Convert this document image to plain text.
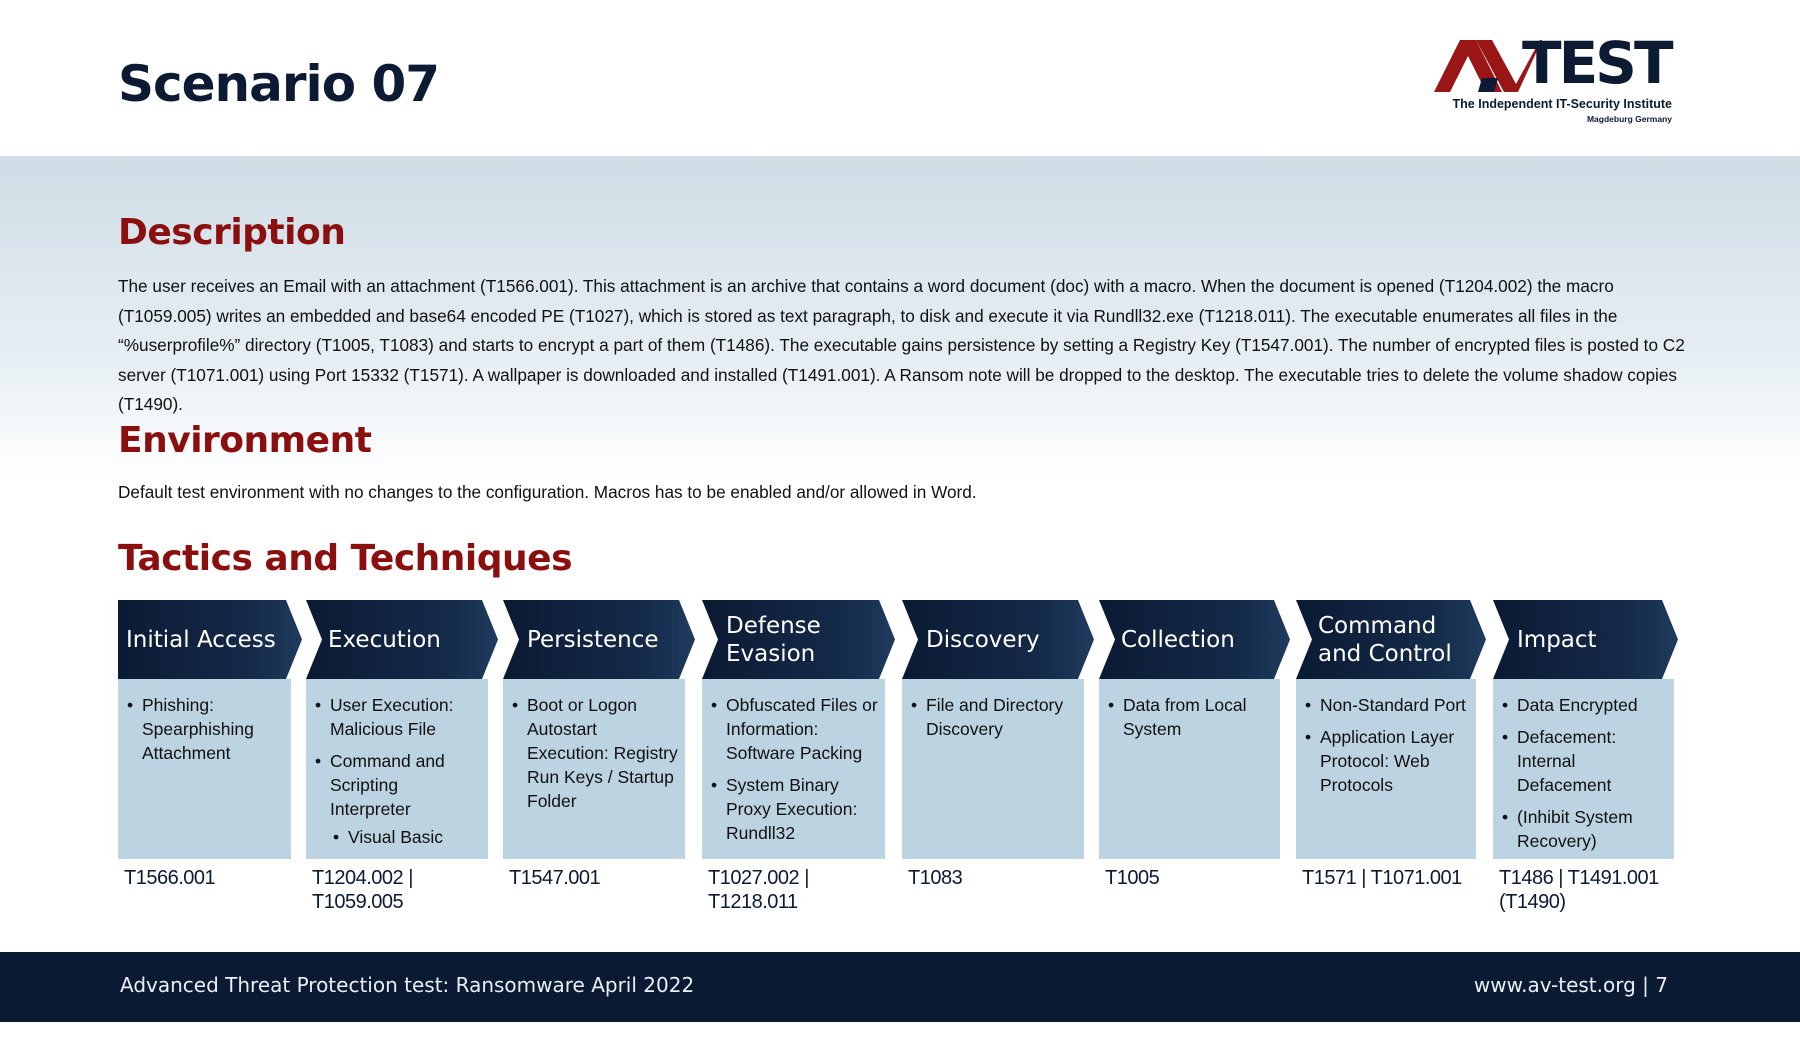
Scenario 07	TEST
The Independent IT-Security Institute
Magdeburg Germany
Description

The user receives an Email with an attachment (T1566.001). This attachment is an archive that contains a word document (doc) with a macro. When the document is opened (T1204.002) the macro (T1059.005) writes an embedded and base64 encoded PE (T1027), which is stored as text paragraph, to disk and execute it via Rundll32.exe (T1218.011). The executable enumerates all files in the “%userprofile%” directory (T1005, T1083) and starts to encrypt a part of them (T1486). The executable gains persistence by setting a Registry Key (T1547.001). The number of encrypted files is posted to C2 server (T1071.001) using Port 15332 (T1571). A wallpaper is downloaded and installed (T1491.001). A Ransom note will be dropped to the desktop. The executable tries to delete the volume shadow copies (T1490).

Environment

Default test environment with no changes to the configuration. Macros has to be enabled and/or allowed in Word.

Tactics and Techniques
Initial Access
• Phishing: Spearphishing Attachment
T1566.001
Execution
• User Execution: Malicious File
• Command and Scripting Interpreter
• Visual Basic
T1204.002 | T1059.005
Persistence
• Boot or Logon Autostart Execution: Registry Run Keys / Startup Folder
T1547.001
Defense Evasion
• Obfuscated Files or Information: Software Packing
• System Binary Proxy Execution: Rundll32
T1027.002 | T1218.011
Discovery
• File and Directory Discovery
T1083
Collection
• Data from Local System
T1005
Command and Control
• Non-Standard Port
• Application Layer Protocol: Web Protocols
T1571 | T1071.001
Impact
• Data Encrypted
• Defacement: Internal Defacement
• (Inhibit System Recovery)
T1486 | T1491.001 (T1490)
Advanced Threat Protection test: Ransomware April 2022	www.av-test.org | 7
